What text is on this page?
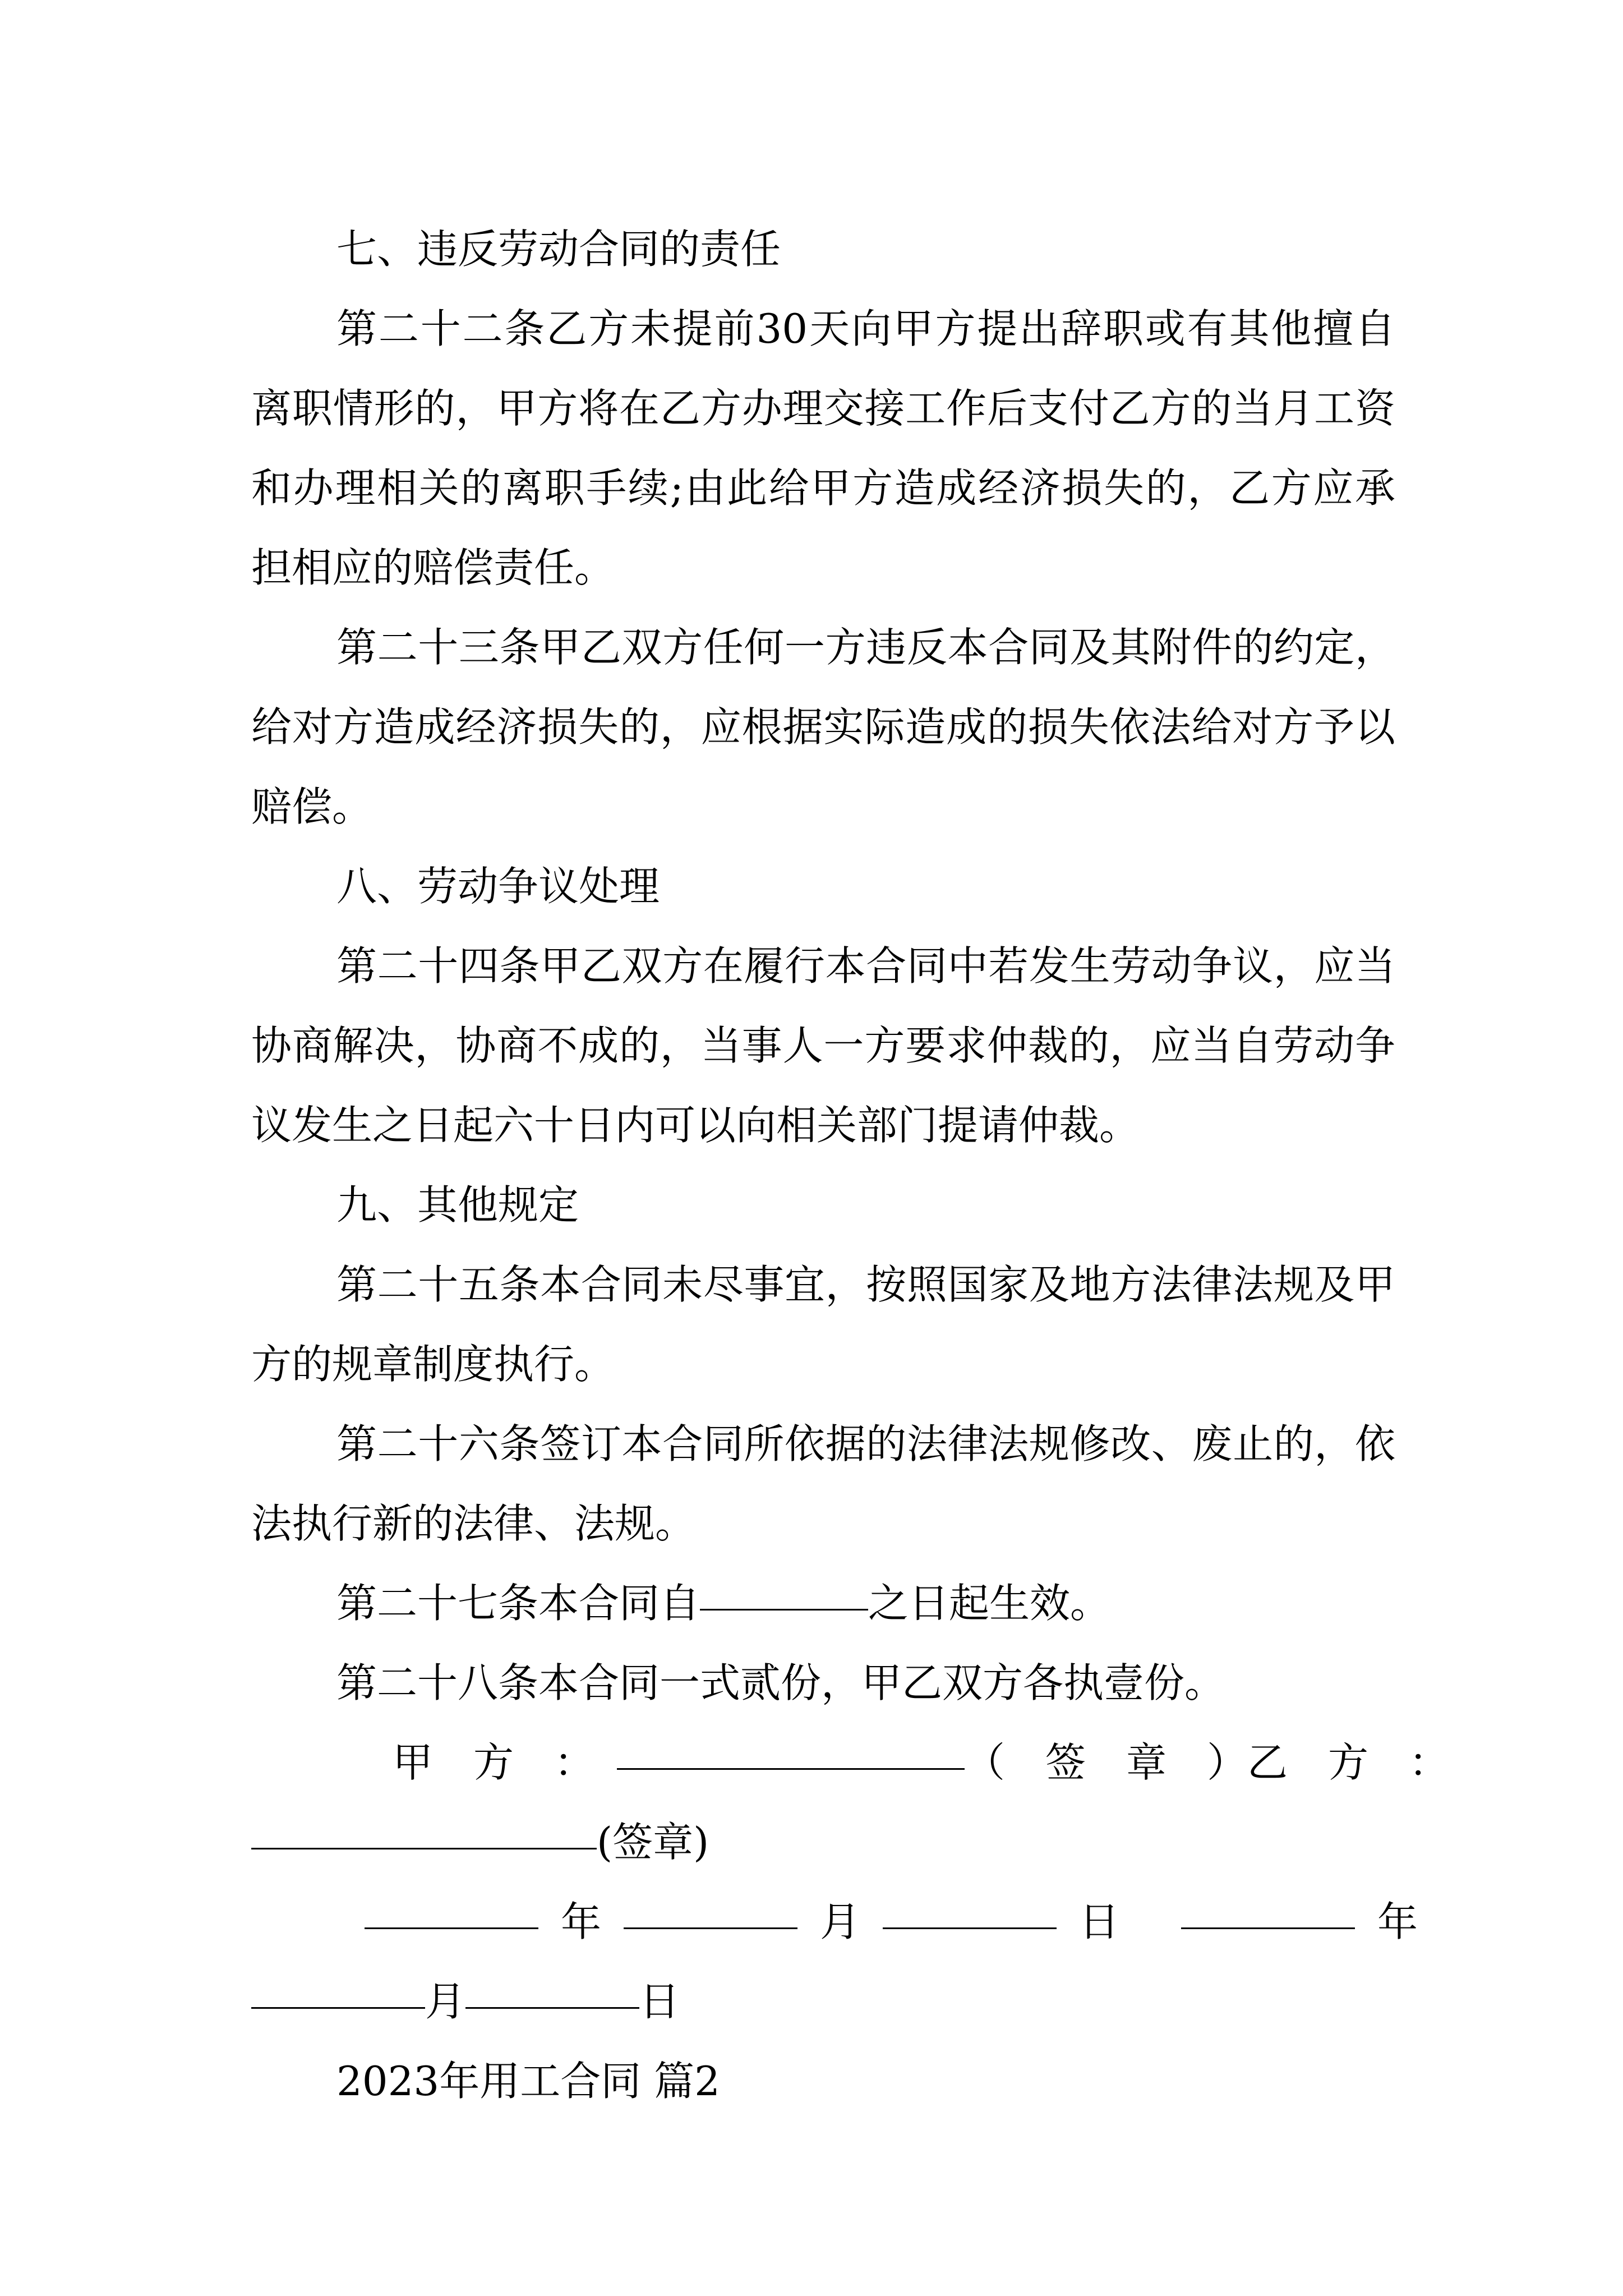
七、违反劳动合同的责任

第二十二条乙方未提前30天向甲方提出辞职或有其他擅自离职情形的，甲方将在乙方办理交接工作后支付乙方的当月工资和办理相关的离职手续;由此给甲方造成经济损失的，乙方应承担相应的赔偿责任。

第二十三条甲乙双方任何一方违反本合同及其附件的约定，给对方造成经济损失的，应根据实际造成的损失依法给对方予以赔偿。

八、劳动争议处理

第二十四条甲乙双方在履行本合同中若发生劳动争议，应当协商解决，协商不成的，当事人一方要求仲裁的，应当自劳动争议发生之日起六十日内可以向相关部门提请仲裁。

九、其他规定

第二十五条本合同未尽事宜，按照国家及地方法律法规及甲方的规章制度执行。

第二十六条签订本合同所依据的法律法规修改、废止的，依法执行新的法律、法规。

第二十七条本合同自	之日起生效。

第二十八条本合同一式贰份，甲乙双方各执壹份。

甲　方　：	（　签　章　）乙　方　：
(签章)
年	月	日	年
月	日

2023年用工合同 篇2
